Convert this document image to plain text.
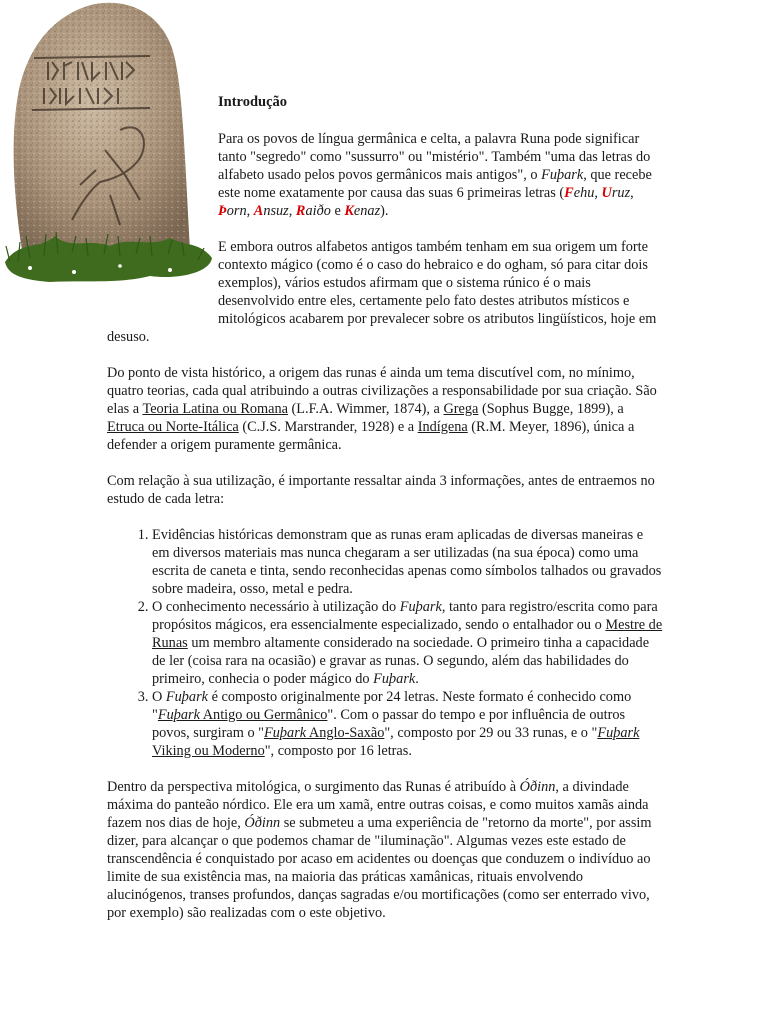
Introdução

Para os povos de língua germânica e celta, a palavra Runa pode significar tanto "segredo" como "sussurro" ou "mistério". Também "uma das letras do alfabeto usado pelos povos germânicos mais antigos", o Fuþark, que recebe este nome exatamente por causa das suas 6 primeiras letras (Fehu, Uruz, Þorn, Ansuz, Raiðo e Kenaz).

E embora outros alfabetos antigos também tenham em sua origem um forte contexto mágico (como é o caso do hebraico e do ogham, só para citar dois exemplos), vários estudos afirmam que o sistema rúnico é o mais desenvolvido entre eles, certamente pelo fato destes atributos místicos e mitológicos acabarem por prevalecer sobre os atributos lingüísticos, hoje em desuso.

Do ponto de vista histórico, a origem das runas é ainda um tema discutível com, no mínimo, quatro teorias, cada qual atribuindo a outras civilizações a responsabilidade por sua criação. São elas a Teoria Latina ou Romana (L.F.A. Wimmer, 1874), a Grega (Sophus Bugge, 1899), a Etruca ou Norte-Itálica (C.J.S. Marstrander, 1928) e a Indígena (R.M. Meyer, 1896), única a defender a origem puramente germânica.

Com relação à sua utilização, é importante ressaltar ainda 3 informações, antes de entraemos no estudo de cada letra:

1. Evidências históricas demonstram que as runas eram aplicadas de diversas maneiras e em diversos materiais mas nunca chegaram a ser utilizadas (na sua época) como uma escrita de caneta e tinta, sendo reconhecidas apenas como símbolos talhados ou gravados sobre madeira, osso, metal e pedra.
2. O conhecimento necessário à utilização do Fuþark, tanto para registro/escrita como para propósitos mágicos, era essencialmente especializado, sendo o entalhador ou o Mestre de Runas um membro altamente considerado na sociedade. O primeiro tinha a capacidade de ler (coisa rara na ocasião) e gravar as runas. O segundo, além das habilidades do primeiro, conhecia o poder mágico do Fuþark.
3. O Fuþark é composto originalmente por 24 letras. Neste formato é conhecido como "Fuþark Antigo ou Germânico". Com o passar do tempo e por influência de outros povos, surgiram o "Fuþark Anglo-Saxão", composto por 29 ou 33 runas, e o "Fuþark Viking ou Moderno", composto por 16 letras.

Dentro da perspectiva mitológica, o surgimento das Runas é atribuído à Óðinn, a divindade máxima do panteão nórdico. Ele era um xamã, entre outras coisas, e como muitos xamãs ainda fazem nos dias de hoje, Óðinn se submeteu a uma experiência de "retorno da morte", por assim dizer, para alcançar o que podemos chamar de "iluminação". Algumas vezes este estado de transcendência é conquistado por acaso em acidentes ou doenças que conduzem o indivíduo ao limite de sua existência mas, na maioria das práticas xamânicas, rituais envolvendo alucinógenos, transes profundos, danças sagradas e/ou mortificações (como ser enterrado vivo, por exemplo) são realizadas com o este objetivo.
